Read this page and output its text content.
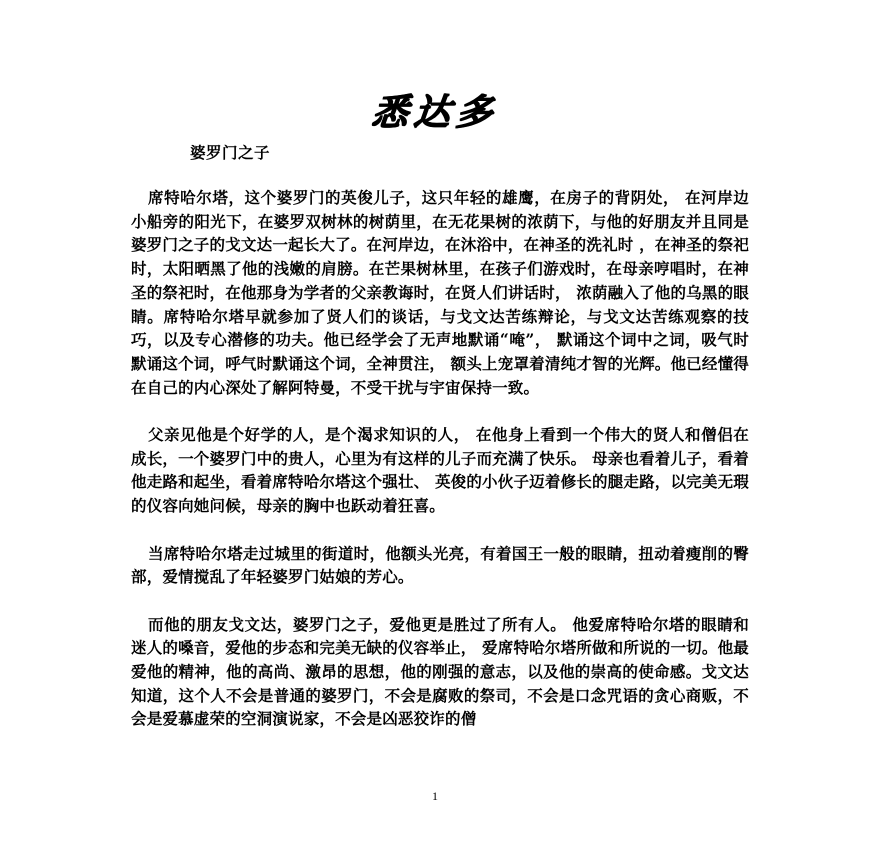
悉达多
婆罗门之子

席特哈尔塔，这个婆罗门的英俊儿子，这只年轻的雄鹰，在房子的背阴处， 在河岸边小船旁的阳光下，在婆罗双树林的树荫里，在无花果树的浓荫下，与他的好朋友并且同是婆罗门之子的戈文达一起长大了。在河岸边，在沐浴中，在神圣的洗礼时 ，在神圣的祭祀时，太阳晒黑了他的浅嫩的肩膀。在芒果树林里，在孩子们游戏时，在母亲哼唱时，在神圣的祭祀时，在他那身为学者的父亲教诲时，在贤人们讲话时， 浓荫融入了他的乌黑的眼睛。席特哈尔塔早就参加了贤人们的谈话，与戈文达苦练辩论，与戈文达苦练观察的技巧，以及专心潜修的功夫。他已经学会了无声地默诵“唵”， 默诵这个词中之词，吸气时默诵这个词，呼气时默诵这个词，全神贯注， 额头上宠罩着清纯才智的光辉。他已经懂得在自己的内心深处了解阿特曼，不受干扰与宇宙保持一致。

父亲见他是个好学的人，是个渴求知识的人， 在他身上看到一个伟大的贤人和僧侣在成长，一个婆罗门中的贵人，心里为有这样的儿子而充满了快乐。 母亲也看着儿子，看着他走路和起坐，看着席特哈尔塔这个强壮、 英俊的小伙子迈着修长的腿走路，以完美无瑕的仪容向她问候，母亲的胸中也跃动着狂喜。

当席特哈尔塔走过城里的街道时，他额头光亮，有着国王一般的眼睛，扭动着瘦削的臀部，爱情搅乱了年轻婆罗门姑娘的芳心。

而他的朋友戈文达，婆罗门之子，爱他更是胜过了所有人。 他爱席特哈尔塔的眼睛和迷人的嗓音，爱他的步态和完美无缺的仪容举止， 爱席特哈尔塔所做和所说的一切。他最爱他的精神，他的高尚、激昂的思想，他的刚强的意志，以及他的崇高的使命感。戈文达知道，这个人不会是普通的婆罗门，不会是腐败的祭司，不会是口念咒语的贪心商贩，不会是爱慕虚荣的空洞演说家，不会是凶恶狡诈的僧

1
